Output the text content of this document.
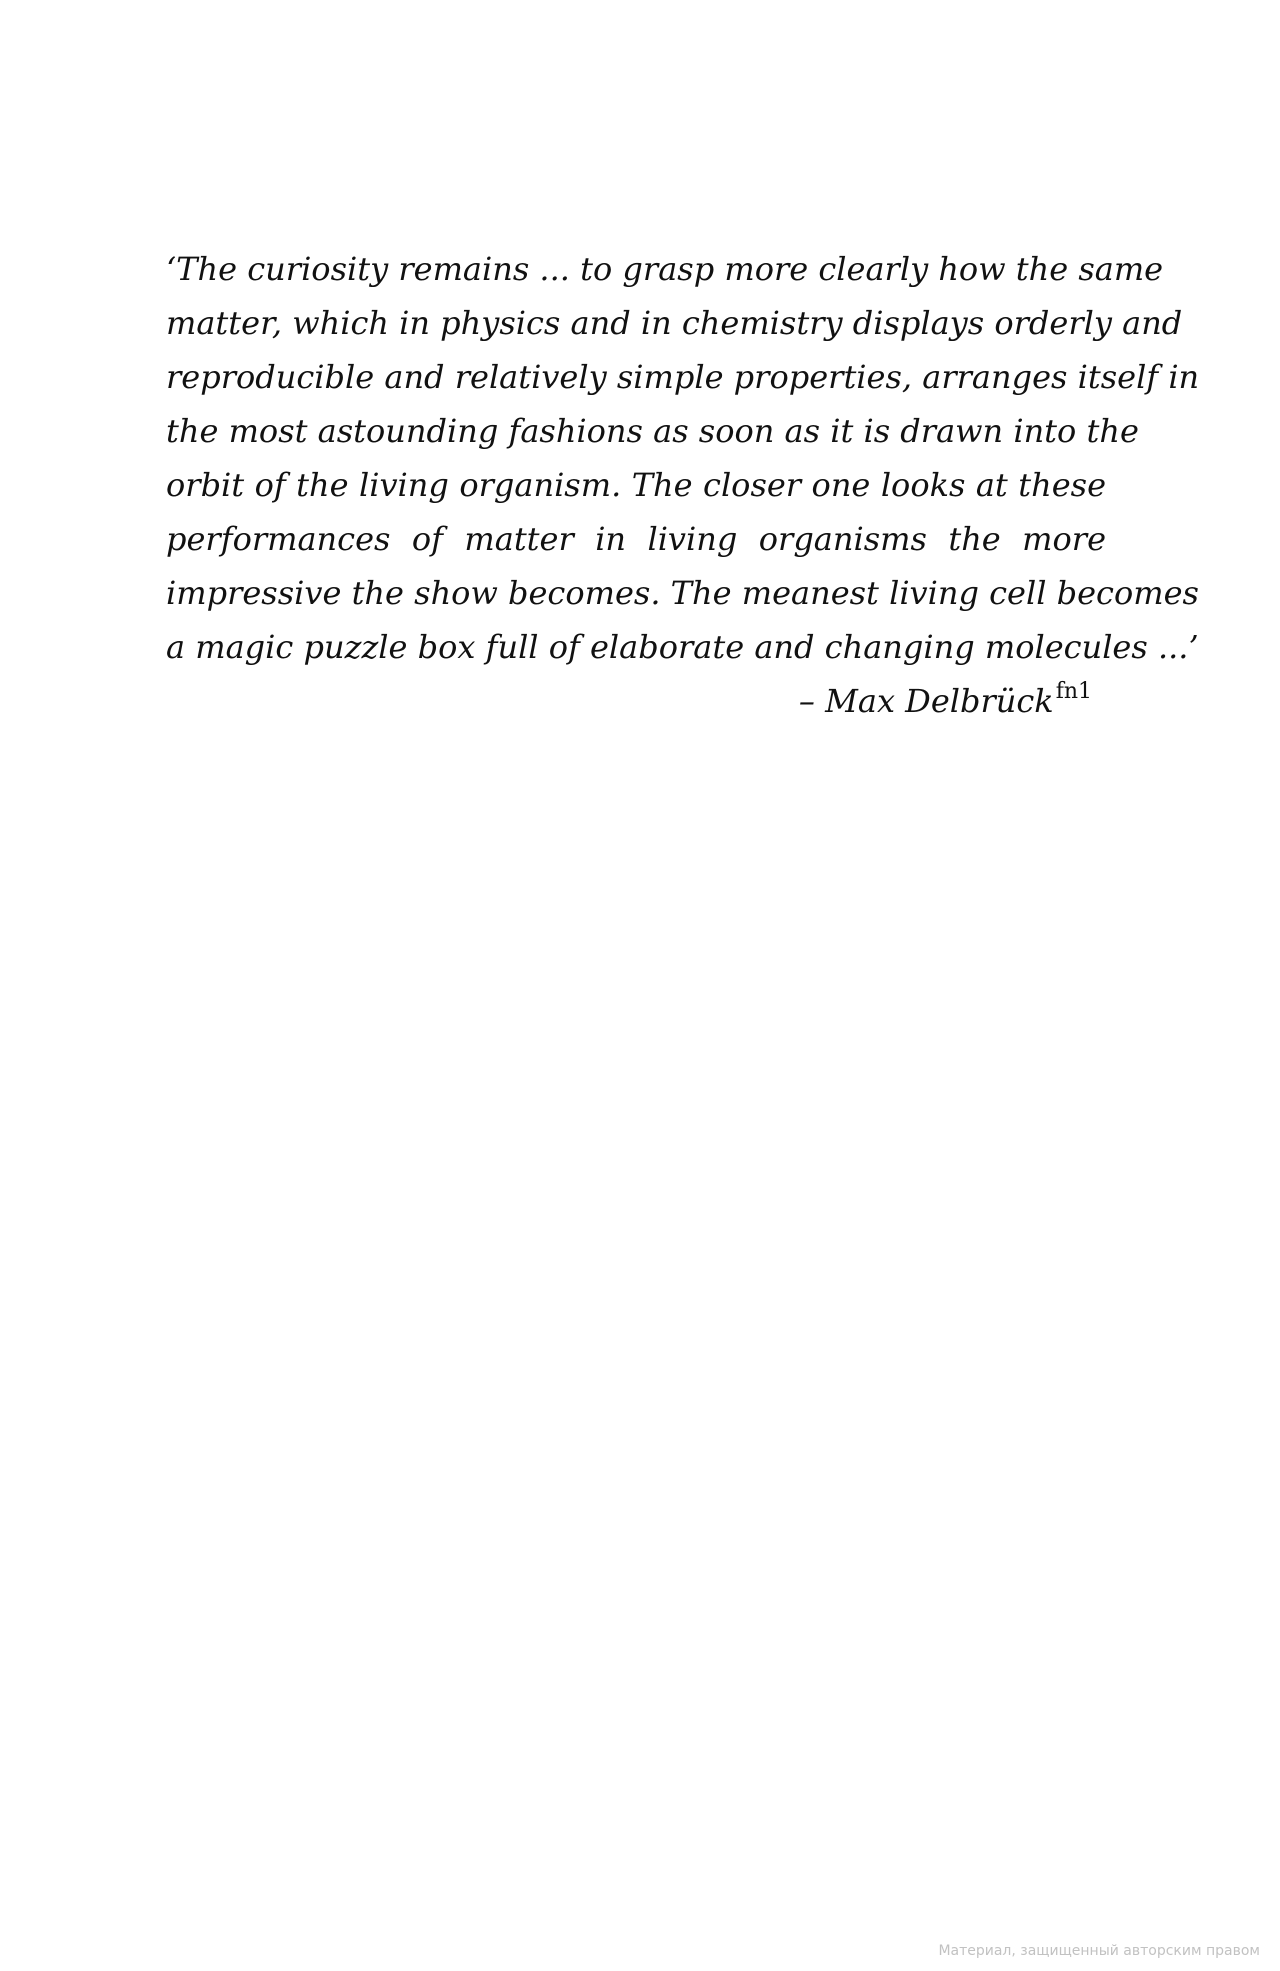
‘The curiosity remains ... to grasp more clearly how the same
matter, which in physics and in chemistry displays orderly and
reproducible and relatively simple properties, arranges itself in
the most astounding fashions as soon as it is drawn into the
orbit of the living organism. The closer one looks at these
performances of matter in living organisms the more
impressive the show becomes. The meanest living cell becomes
a magic puzzle box full of elaborate and changing molecules ...’
– Max Delbrück$^{fn1}$
Материал, защищенный авторским правом
